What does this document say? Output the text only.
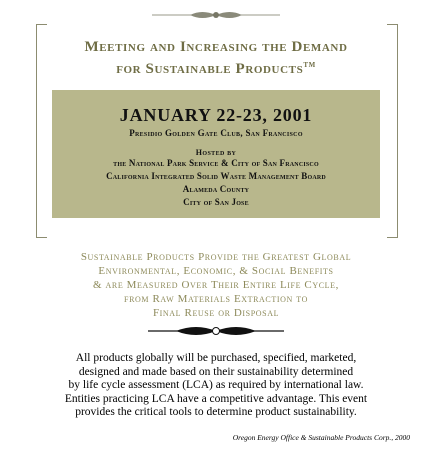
Meeting and Increasing the Demand
for Sustainable Products™
JANUARY 22-23, 2001
Presidio Golden Gate Club, San Francisco
Hosted by
the National Park Service & City of San Francisco
California Integrated Solid Waste Management Board
Alameda County
City of San Jose
Sustainable Products Provide the Greatest Global
Environmental, Economic, & Social Benefits
& are Measured Over Their Entire Life Cycle,
from Raw Materials Extraction to
Final Reuse or Disposal
All products globally will be purchased, specified, marketed,
designed and made based on their sustainability determined
by life cycle assessment (LCA) as required by international law.
Entities practicing LCA have a competitive advantage. This event
provides the critical tools to determine product sustainability.
Oregon Energy Office & Sustainable Products Corp., 2000
